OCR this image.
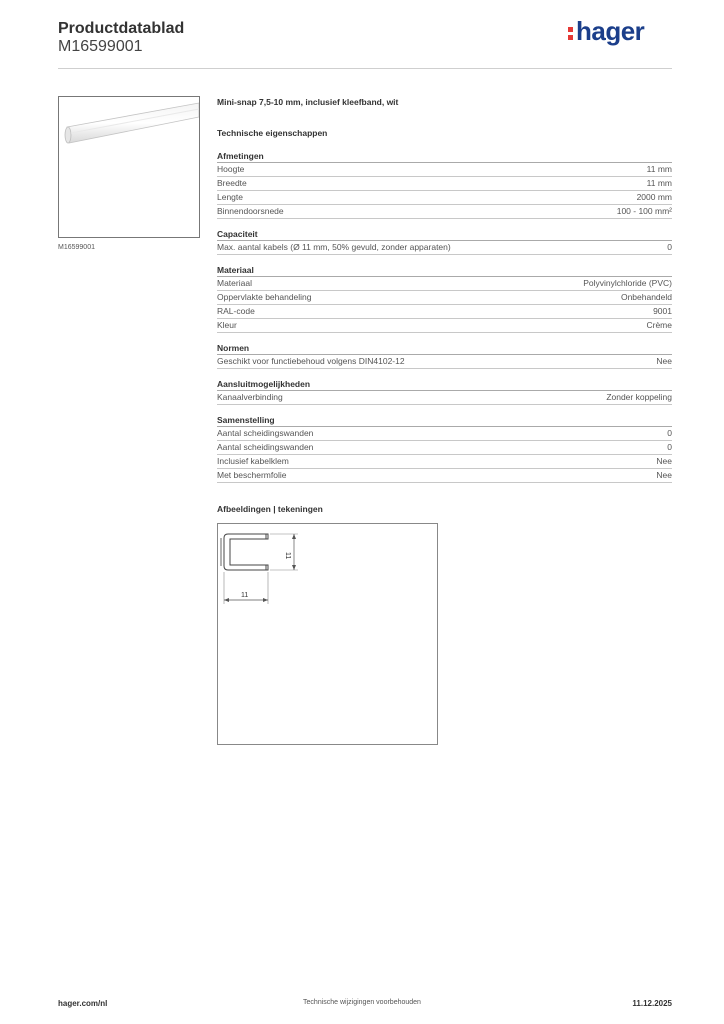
Productdatablad
M16599001
hager
M16599001
Mini-snap 7,5-10 mm, inclusief kleefband, wit
Technische eigenschappen
Afmetingen
Hoogte	11 mm
Breedte	11 mm
Lengte	2000 mm
Binnendoorsnede	100 - 100 mm²
Capaciteit
Max. aantal kabels (Ø 11 mm, 50% gevuld, zonder apparaten)	0
Materiaal
Materiaal	Polyvinylchloride (PVC)
Oppervlakte behandeling	Onbehandeld
RAL-code	9001
Kleur	Crème
Normen
Geschikt voor functiebehoud volgens DIN4102-12	Nee
Aansluitmogelijkheden
Kanaalverbinding	Zonder koppeling
Samenstelling
Aantal scheidingswanden	0
Aantal scheidingswanden	0
Inclusief kabelklem	Nee
Met beschermfolie	Nee
Afbeeldingen | tekeningen
11
11
hager.com/nl	Technische wijzigingen voorbehouden	11.12.2025
